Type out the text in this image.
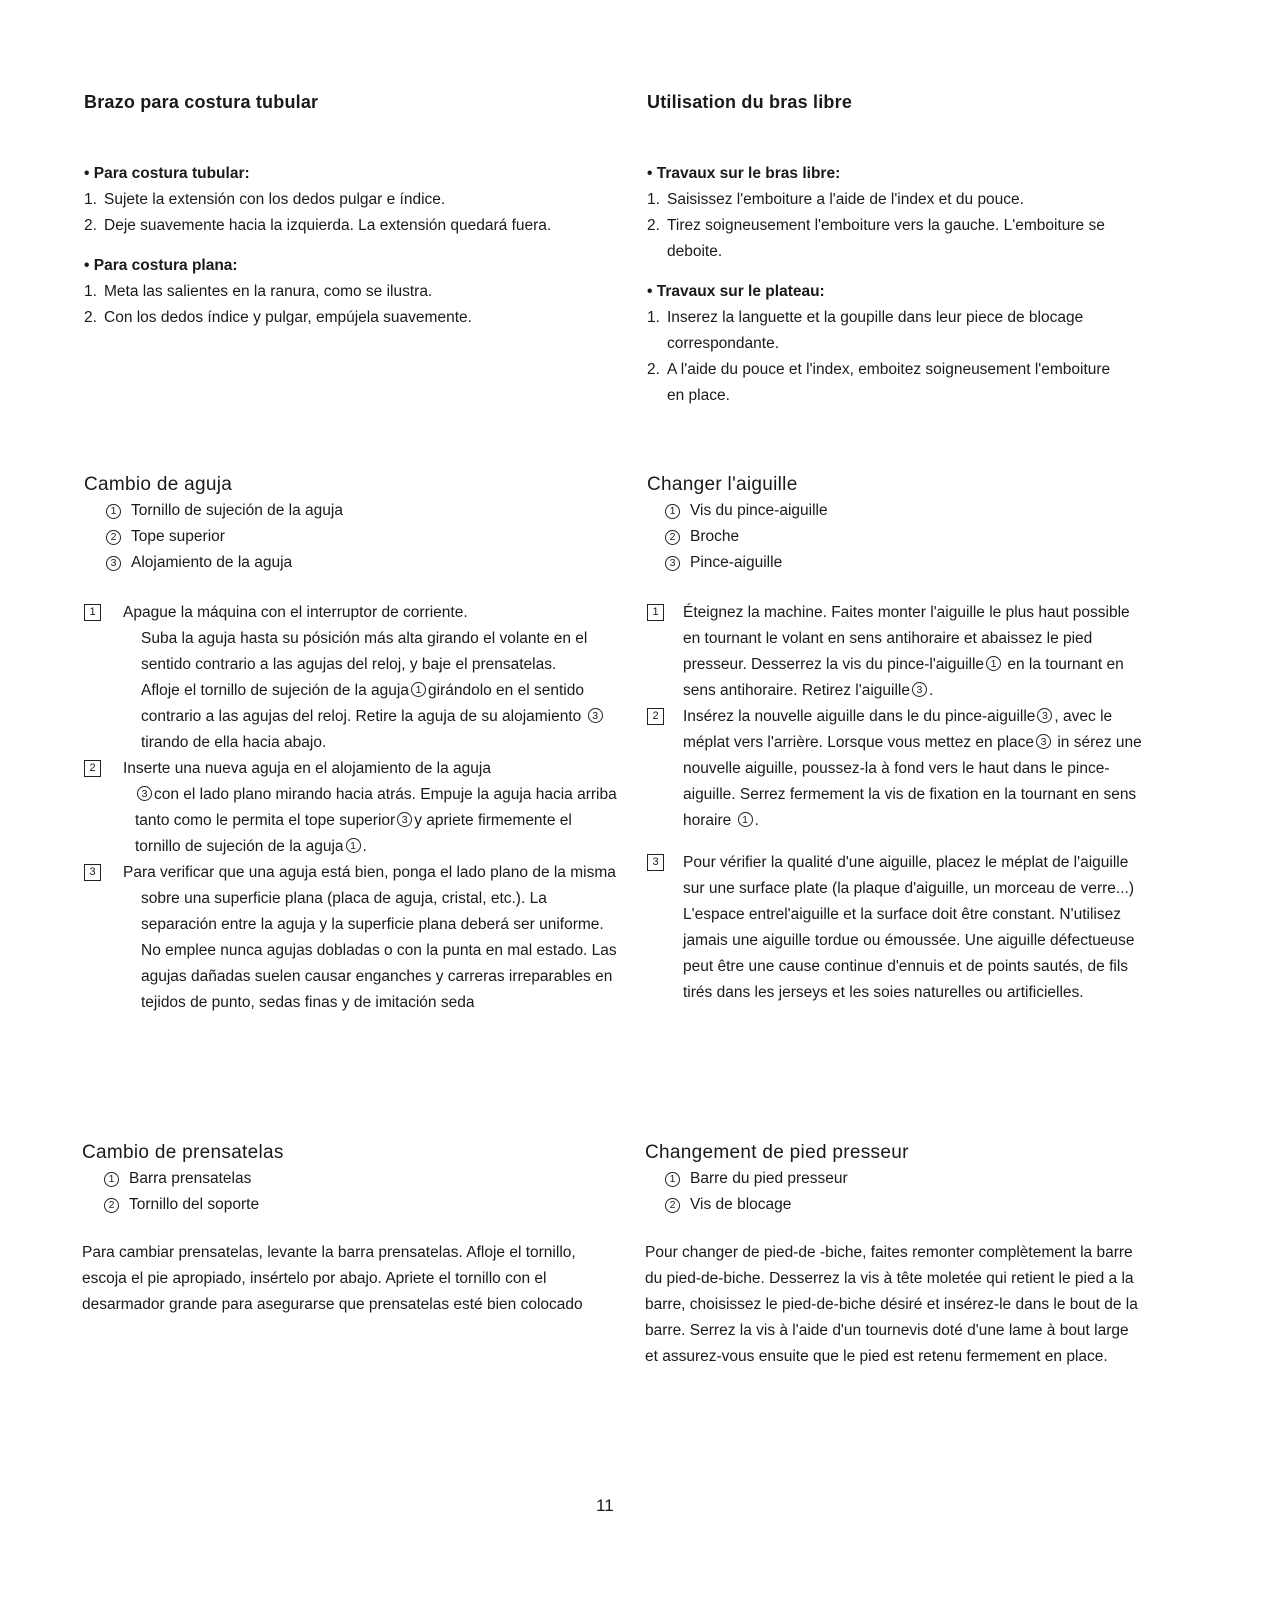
Brazo para costura tubular

• Para costura tubular:

1. Sujete la extensión con los dedos pulgar e índice.
2. Deje suavemente hacia la izquierda. La extensión quedará fuera.

• Para costura plana:

1. Meta las salientes en la ranura, como se ilustra.
2. Con los dedos índice y pulgar, empújela suavemente.
Utilisation du bras libre

• Travaux sur le bras libre:

1. Saisissez l'emboiture a l'aide de l'index et du pouce.
2. Tirez soigneusement l'emboiture vers la gauche. L'emboiture se deboite.

• Travaux sur le plateau:

1. Inserez la languette et la goupille dans leur piece de blocage correspondante.
2. A l'aide du pouce et l'index, emboitez soigneusement l'emboiture en place.
Cambio de aguja
1 Tornillo de sujeción de la aguja
2 Tope superior
3 Alojamiento de la aguja
1	Apague la máquina con el interruptor de corriente.
Suba la aguja hasta su pósición más alta girando el volante en el sentido contrario a las agujas del reloj, y baje el prensatelas.
Afloje el tornillo de sujeción de la aguja 1 girándolo en el sentido contrario a las agujas del reloj. Retire la aguja de su alojamiento 3tirando de ella hacia abajo.
2	Inserte una nueva aguja en el alojamiento de la aguja
3 con el lado plano mirando hacia atrás. Empuje la aguja hacia arriba tanto como le permita el tope superior 3 y apriete firmemente el tornillo de sujeción de la aguja 1 .
3	Para verificar que una aguja está bien, ponga el lado plano de la misma sobre una superficie plana (placa de aguja, cristal, etc.). La separación entre la aguja y la superficie plana deberá ser uniforme. No emplee nunca agujas dobladas o con la punta en mal estado. Las agujas dañadas suelen causar enganches y carreras irreparables en tejidos de punto, sedas finas y de imitación seda
Changer l'aiguille
1 Vis du pince-aiguille
2 Broche
3 Pince-aiguille
1	Éteignez la machine. Faites monter l'aiguille le plus haut possible en tournant le volant en sens antihoraire et abaissez le pied presseur. Desserrez la vis du pince-l'aiguille 1 en la tournant en sens antihoraire. Retirez l'aiguille 3 .
2	Insérez la nouvelle aiguille dans le du pince-aiguille 3 , avec le méplat vers l'arrière. Lorsque vous mettez en place 3 in sérez une nouvelle aiguille, poussez-la à fond vers le haut dans le pince-aiguille. Serrez fermement la vis de fixation en la tournant en sens horaire 1 .
3	Pour vérifier la qualité d'une aiguille, placez le méplat de l'aiguille sur une surface plate (la plaque d'aiguille, un morceau de verre...) L'espace entrel'aiguille et la surface doit être constant. N'utilisez jamais une aiguille tordue ou émoussée. Une aiguille défectueuse peut être une cause continue d'ennuis et de points sautés, de fils tirés dans les jerseys et les soies naturelles ou artificielles.
Cambio de prensatelas
1 Barra prensatelas
2 Tornillo del soporte

Para cambiar prensatelas, levante la barra prensatelas. Afloje el tornillo, escoja el pie apropiado, insértelo por abajo. Apriete el tornillo con el desarmador grande para asegurarse que prensatelas esté bien colocado

Changement de pied presseur
1 Barre du pied presseur
2 Vis de blocage

Pour changer de pied-de -biche, faites remonter complètement la barre du pied-de-biche. Desserrez la vis à tête moletée qui retient le pied a la barre, choisissez le pied-de-biche désiré et insérez-le dans le bout de la barre. Serrez la vis à l'aide d'un tournevis doté d'une lame à bout large et assurez-vous ensuite que le pied est retenu fermement en place.

11
